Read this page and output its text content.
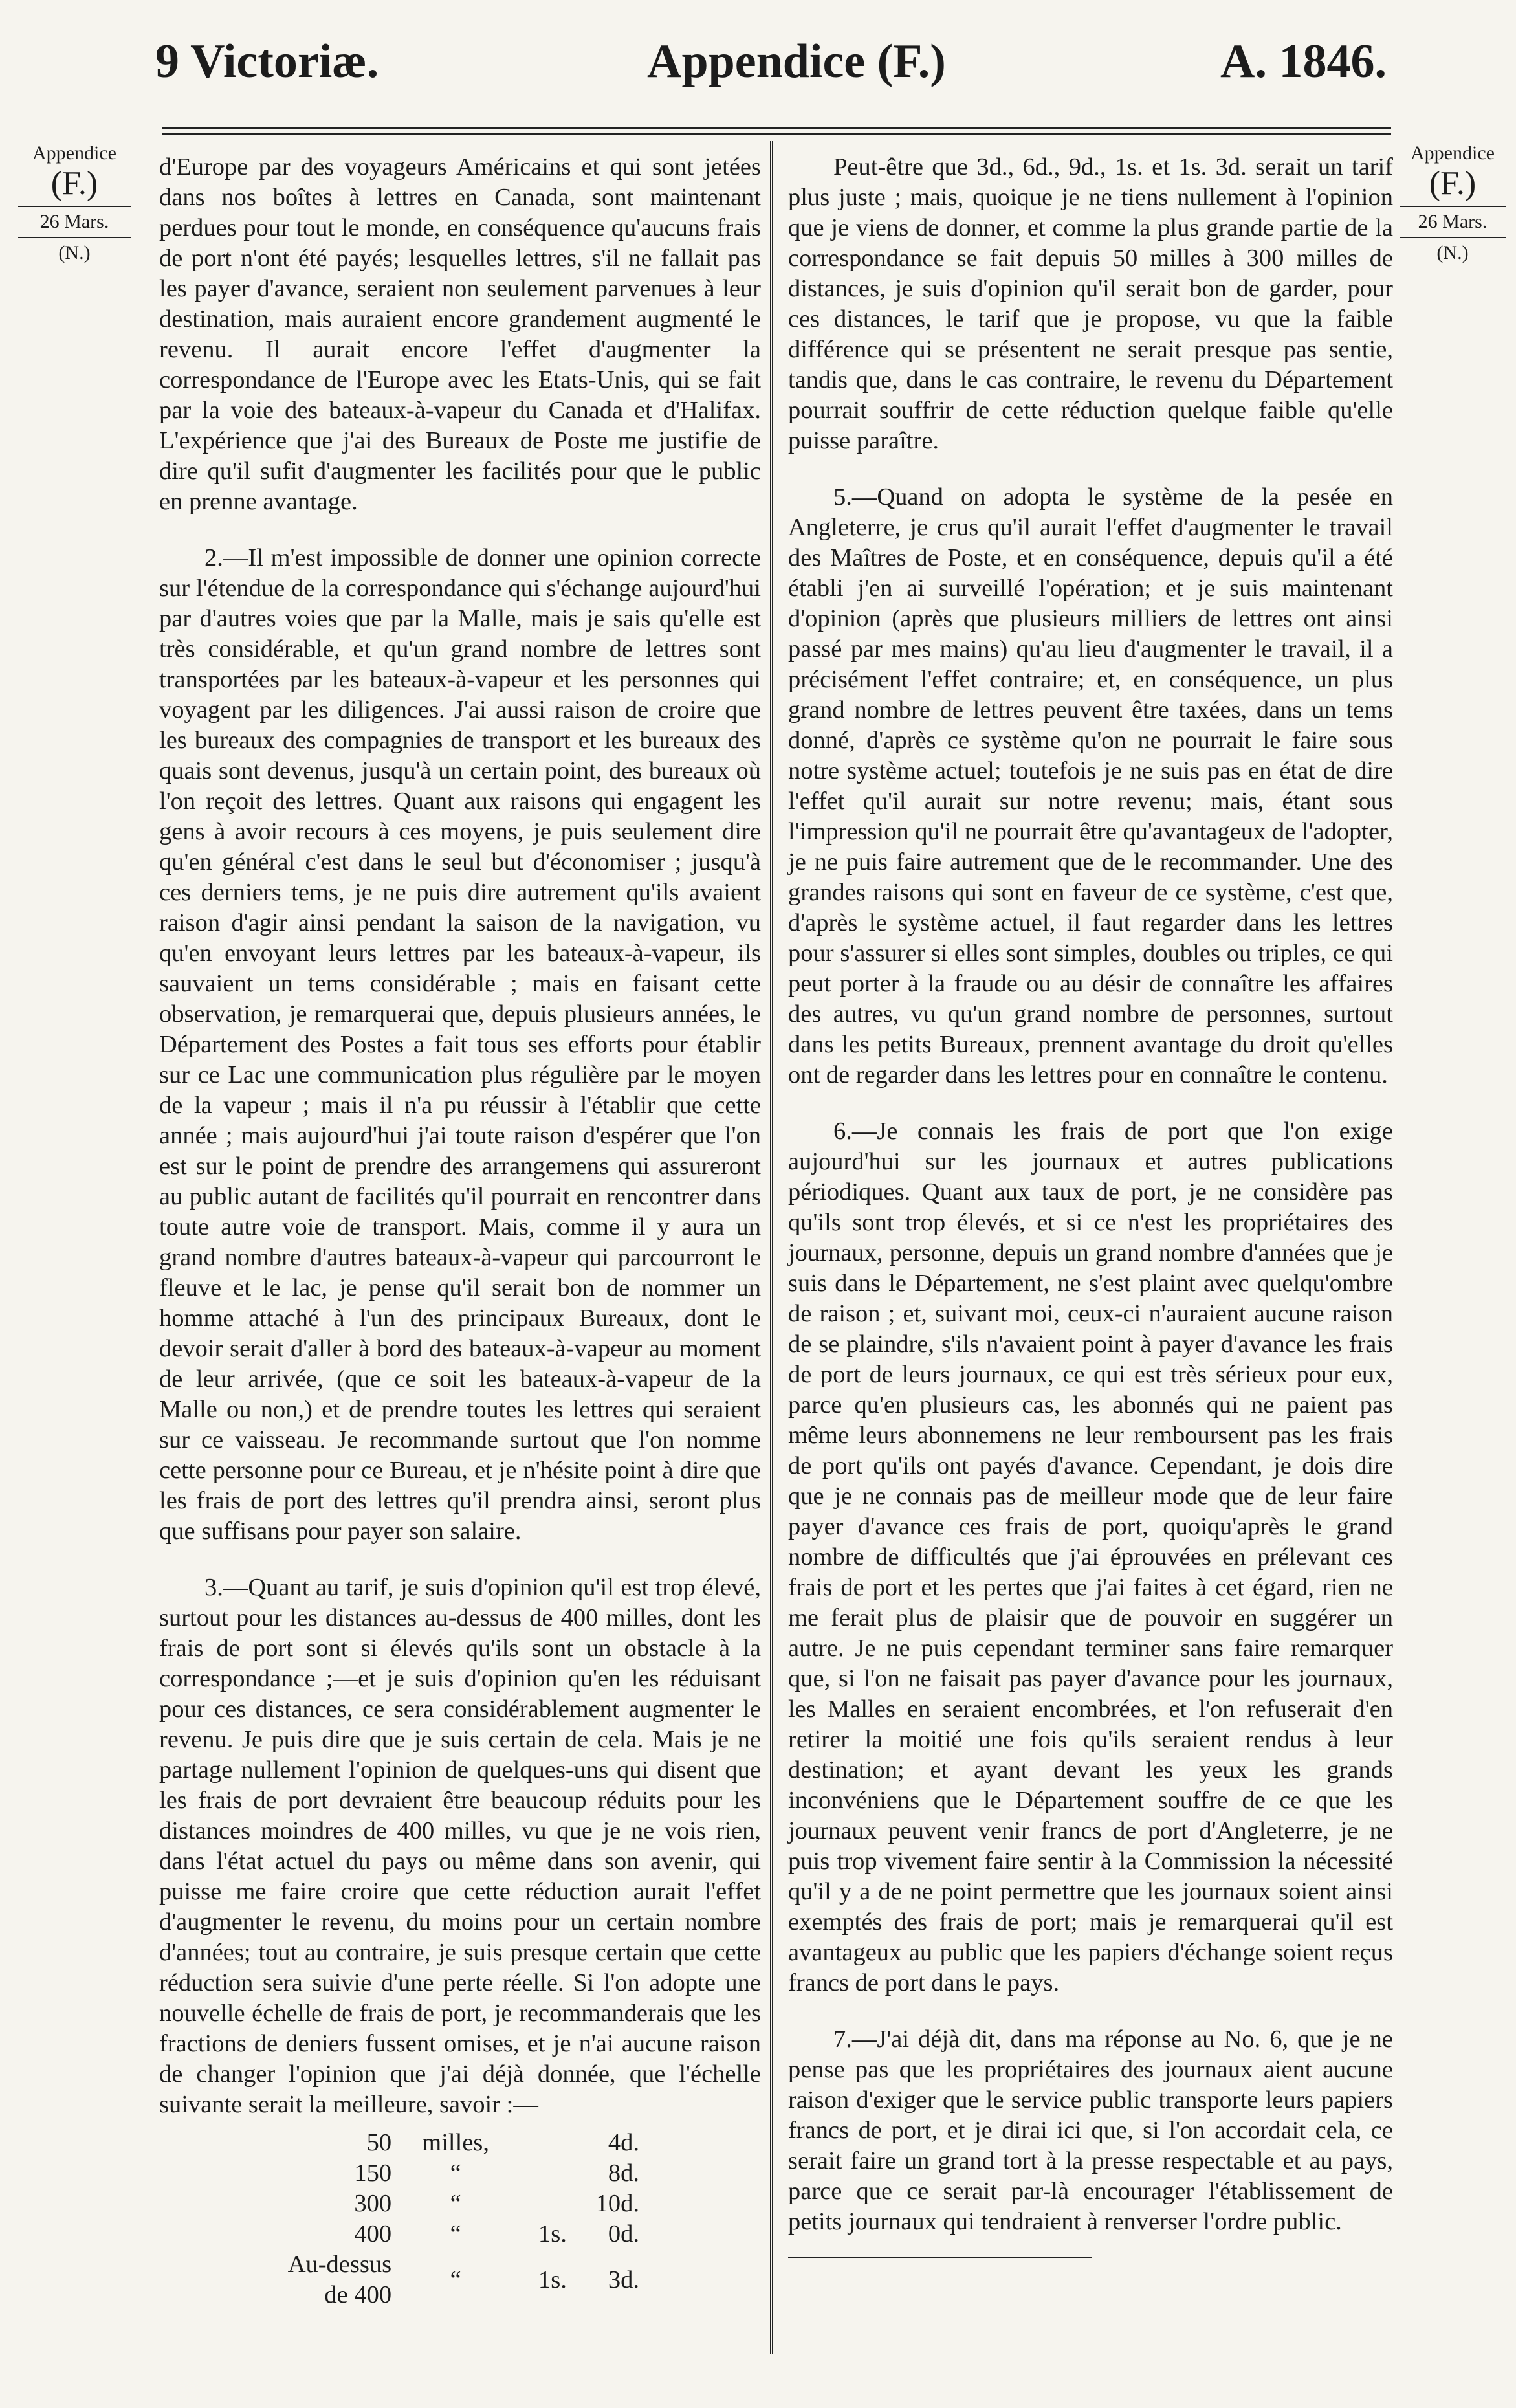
9 Victoriæ.	Appendice (F.)	A. 1846.
Appendice
(F.)
26 Mars.
(N.)
Appendice
(F.)
26 Mars.
(N.)

d'Europe par des voyageurs Américains et qui sont jetées dans nos boîtes à lettres en Canada, sont maintenant perdues pour tout le monde, en conséquence qu'aucuns frais de port n'ont été payés; lesquelles lettres, s'il ne fallait pas les payer d'avance, seraient non seulement parvenues à leur destination, mais auraient encore grandement augmenté le revenu. Il aurait encore l'effet d'augmenter la correspondance de l'Europe avec les Etats-Unis, qui se fait par la voie des bateaux-à-vapeur du Canada et d'Halifax. L'expérience que j'ai des Bureaux de Poste me justifie de dire qu'il sufit d'augmenter les facilités pour que le public en prenne avantage.

2.—Il m'est impossible de donner une opinion correcte sur l'étendue de la correspondance qui s'échange aujourd'hui par d'autres voies que par la Malle, mais je sais qu'elle est très considérable, et qu'un grand nombre de lettres sont transportées par les bateaux-à-vapeur et les personnes qui voyagent par les diligences. J'ai aussi raison de croire que les bureaux des compagnies de transport et les bureaux des quais sont devenus, jusqu'à un certain point, des bureaux où l'on reçoit des lettres. Quant aux raisons qui engagent les gens à avoir recours à ces moyens, je puis seulement dire qu'en général c'est dans le seul but d'économiser ; jusqu'à ces derniers tems, je ne puis dire autrement qu'ils avaient raison d'agir ainsi pendant la saison de la navigation, vu qu'en envoyant leurs lettres par les bateaux-à-vapeur, ils sauvaient un tems considérable ; mais en faisant cette observation, je remarquerai que, depuis plusieurs années, le Département des Postes a fait tous ses efforts pour établir sur ce Lac une communication plus régulière par le moyen de la vapeur ; mais il n'a pu réussir à l'établir que cette année ; mais aujourd'hui j'ai toute raison d'espérer que l'on est sur le point de prendre des arrangemens qui assureront au public autant de facilités qu'il pourrait en rencontrer dans toute autre voie de transport. Mais, comme il y aura un grand nombre d'autres bateaux-à-vapeur qui parcourront le fleuve et le lac, je pense qu'il serait bon de nommer un homme attaché à l'un des principaux Bureaux, dont le devoir serait d'aller à bord des bateaux-à-vapeur au moment de leur arrivée, (que ce soit les bateaux-à-vapeur de la Malle ou non,) et de prendre toutes les lettres qui seraient sur ce vaisseau. Je recommande surtout que l'on nomme cette personne pour ce Bureau, et je n'hésite point à dire que les frais de port des lettres qu'il prendra ainsi, seront plus que suffisans pour payer son salaire.

3.—Quant au tarif, je suis d'opinion qu'il est trop élevé, surtout pour les distances au-dessus de 400 milles, dont les frais de port sont si élevés qu'ils sont un obstacle à la correspondance ;—et je suis d'opinion qu'en les réduisant pour ces distances, ce sera considérablement augmenter le revenu. Je puis dire que je suis certain de cela. Mais je ne partage nullement l'opinion de quelques-uns qui disent que les frais de port devraient être beaucoup réduits pour les distances moindres de 400 milles, vu que je ne vois rien, dans l'état actuel du pays ou même dans son avenir, qui puisse me faire croire que cette réduction aurait l'effet d'augmenter le revenu, du moins pour un certain nombre d'années; tout au contraire, je suis presque certain que cette réduction sera suivie d'une perte réelle. Si l'on adopte une nouvelle échelle de frais de port, je recommanderais que les fractions de deniers fussent omises, et je n'ai aucune raison de changer l'opinion que j'ai déjà donnée, que l'échelle suivante serait la meilleure, savoir :—

50	milles,		4d.
150	“		8d.
300	“		10d.
400	“	1s.	0d.
Au-dessus de 400	“	1s.	3d.

Peut-être que 3d., 6d., 9d., 1s. et 1s. 3d. serait un tarif plus juste ; mais, quoique je ne tiens nullement à l'opinion que je viens de donner, et comme la plus grande partie de la correspondance se fait depuis 50 milles à 300 milles de distances, je suis d'opinion qu'il serait bon de garder, pour ces distances, le tarif que je propose, vu que la faible différence qui se présentent ne serait presque pas sentie, tandis que, dans le cas contraire, le revenu du Département pourrait souffrir de cette réduction quelque faible qu'elle puisse paraître.

5.—Quand on adopta le système de la pesée en Angleterre, je crus qu'il aurait l'effet d'augmenter le travail des Maîtres de Poste, et en conséquence, depuis qu'il a été établi j'en ai surveillé l'opération; et je suis maintenant d'opinion (après que plusieurs milliers de lettres ont ainsi passé par mes mains) qu'au lieu d'augmenter le travail, il a précisément l'effet contraire; et, en conséquence, un plus grand nombre de lettres peuvent être taxées, dans un tems donné, d'après ce système qu'on ne pourrait le faire sous notre système actuel; toutefois je ne suis pas en état de dire l'effet qu'il aurait sur notre revenu; mais, étant sous l'impression qu'il ne pourrait être qu'avantageux de l'adopter, je ne puis faire autrement que de le recommander. Une des grandes raisons qui sont en faveur de ce système, c'est que, d'après le système actuel, il faut regarder dans les lettres pour s'assurer si elles sont simples, doubles ou triples, ce qui peut porter à la fraude ou au désir de connaître les affaires des autres, vu qu'un grand nombre de personnes, surtout dans les petits Bureaux, prennent avantage du droit qu'elles ont de regarder dans les lettres pour en connaître le contenu.

6.—Je connais les frais de port que l'on exige aujourd'hui sur les journaux et autres publications périodiques. Quant aux taux de port, je ne considère pas qu'ils sont trop élevés, et si ce n'est les propriétaires des journaux, personne, depuis un grand nombre d'années que je suis dans le Département, ne s'est plaint avec quelqu'ombre de raison ; et, suivant moi, ceux-ci n'auraient aucune raison de se plaindre, s'ils n'avaient point à payer d'avance les frais de port de leurs journaux, ce qui est très sérieux pour eux, parce qu'en plusieurs cas, les abonnés qui ne paient pas même leurs abonnemens ne leur remboursent pas les frais de port qu'ils ont payés d'avance. Cependant, je dois dire que je ne connais pas de meilleur mode que de leur faire payer d'avance ces frais de port, quoiqu'après le grand nombre de difficultés que j'ai éprouvées en prélevant ces frais de port et les pertes que j'ai faites à cet égard, rien ne me ferait plus de plaisir que de pouvoir en suggérer un autre. Je ne puis cependant terminer sans faire remarquer que, si l'on ne faisait pas payer d'avance pour les journaux, les Malles en seraient encombrées, et l'on refuserait d'en retirer la moitié une fois qu'ils seraient rendus à leur destination; et ayant devant les yeux les grands inconvéniens que le Département souffre de ce que les journaux peuvent venir francs de port d'Angleterre, je ne puis trop vivement faire sentir à la Commission la nécessité qu'il y a de ne point permettre que les journaux soient ainsi exemptés des frais de port; mais je remarquerai qu'il est avantageux au public que les papiers d'échange soient reçus francs de port dans le pays.

7.—J'ai déjà dit, dans ma réponse au No. 6, que je ne pense pas que les propriétaires des journaux aient aucune raison d'exiger que le service public transporte leurs papiers francs de port, et je dirai ici que, si l'on accordait cela, ce serait faire un grand tort à la presse respectable et au pays, parce que ce serait par-là encourager l'établissement de petits journaux qui tendraient à renverser l'ordre public.
